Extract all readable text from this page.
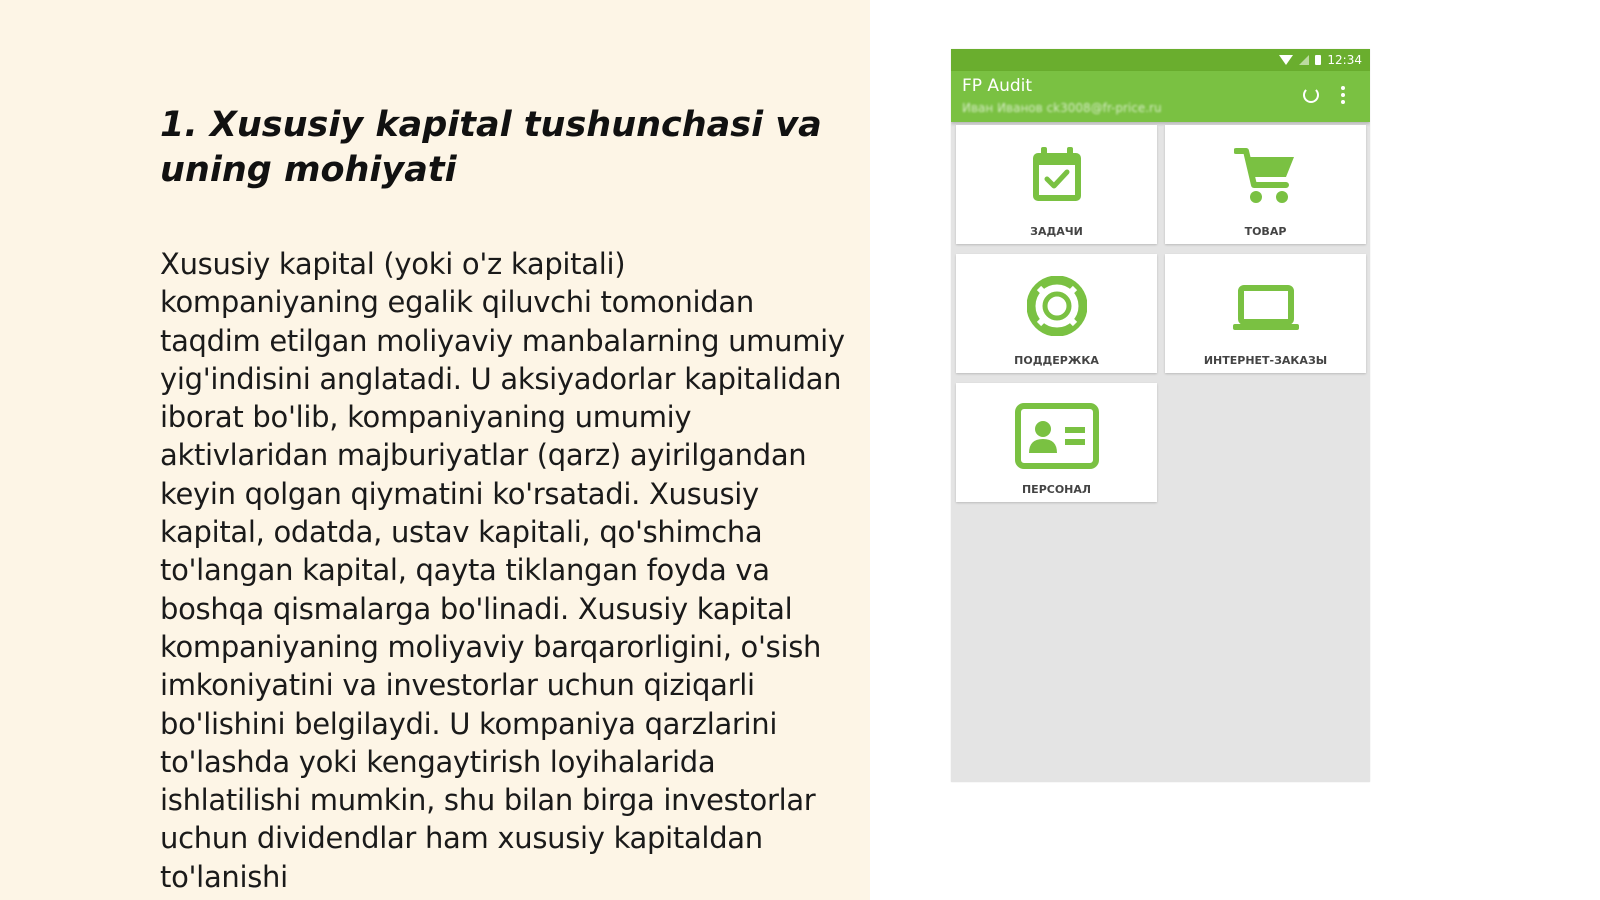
1. Xususiy kapital tushunchasi va uning mohiyati

Xususiy kapital (yoki o'z kapitali) kompaniyaning egalik qiluvchi tomonidan taqdim etilgan moliyaviy manbalarning umumiy yig'indisini anglatadi. U aksiyadorlar kapitalidan iborat bo'lib, kompaniyaning umumiy aktivlaridan majburiyatlar (qarz) ayirilgandan keyin qolgan qiymatini ko'rsatadi. Xususiy kapital, odatda, ustav kapitali, qo'shimcha to'langan kapital, qayta tiklangan foyda va boshqa qismalarga bo'linadi. Xususiy kapital kompaniyaning moliyaviy barqarorligini, o'sish imkoniyatini va investorlar uchun qiziqarli bo'lishini belgilaydi. U kompaniya qarzlarini to'lashda yoki kengaytirish loyihalarida ishlatilishi mumkin, shu bilan birga investorlar uchun dividendlar ham xususiy kapitaldan to'lanishi

12:34
FP Audit
Иван Иванов ck3008@fr-price.ru
ЗАДАЧИ	ТОВАР
ПОДДЕРЖКА	ИНТЕРНЕТ-ЗАКАЗЫ
ПЕРСОНАЛ
